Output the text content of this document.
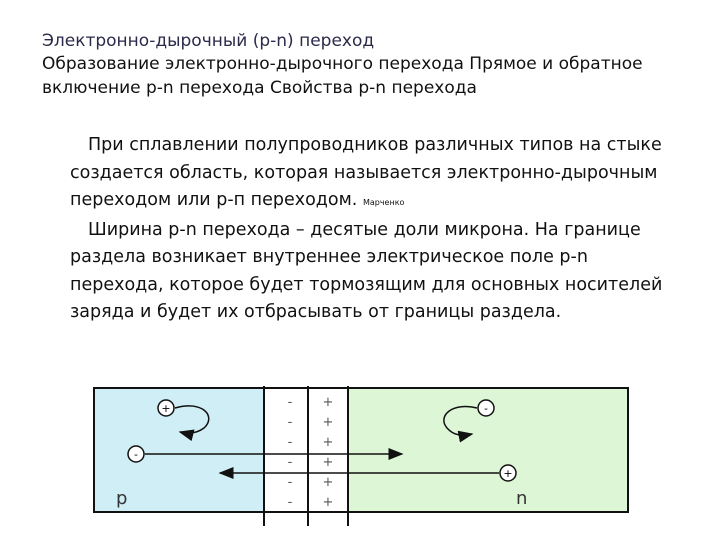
Электронно-дырочный (p-n) переход
Образование электронно-дырочного перехода Прямое и обратное включение p-n перехода Свойства p-n перехода

При сплавлении полупроводников различных типов на стыке создается область, которая называется электронно-дырочным переходом или р-п переходом. Марченко

Ширина p-n перехода – десятые доли микрона. На границе раздела возникает внутреннее электрическое поле p-n перехода, которое будет тормозящим для основных носителей заряда и будет их отбрасывать от границы раздела.

-
-
-
-
-
-
+
+
+
+
+
+
+
-
-
+
p	n
